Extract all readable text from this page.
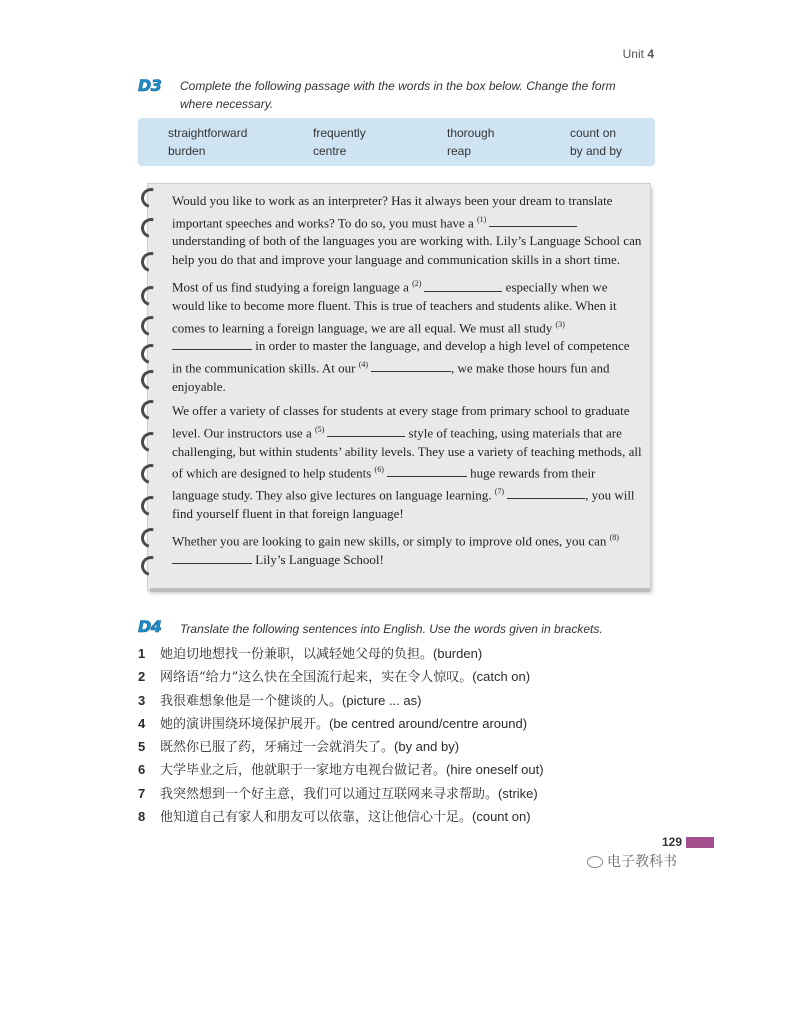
Unit 4
D3 Complete the following passage with the words in the box below. Change the form where necessary.
straightforward	frequently	thorough	count on
burden	centre	reap	by and by

Would you like to work as an interpreter? Has it always been your dream to translate important speeches and works? To do so, you must have a $^{(1)}$ understanding of both of the languages you are working with. Lily’s Language School can help you do that and improve your language and communication skills in a short time.

Most of us find studying a foreign language a $^{(2)}$	especially when we would like to become more fluent. This is true of teachers and students alike. When it comes to learning a foreign language, we are all equal. We must all study $^{(3)}$ in order to master the language, and develop a high level of competence in the communication skills. At our $^{(4)}$	, we make those hours fun and enjoyable.

We offer a variety of classes for students at every stage from primary school to graduate level. Our instructors use a $^{(5)}$	style of teaching, using materials that are challenging, but within students’ ability levels. They use a variety of teaching methods, all of which are designed to help students $^{(6)}$	huge rewards from their language study. They also give lectures on language learning. $^{(7)}$	, you will find yourself fluent in that foreign language!

Whether you are looking to gain new skills, or simply to improve old ones, you can $^{(8)}$ Lily’s Language School!

D4 Translate the following sentences into English. Use the words given in brackets.
1 她迫切地想找一份兼职，以减轻她父母的负担。(burden)
2 网络语“给力”这么快在全国流行起来，实在令人惊叹。(catch on)
3 我很难想象他是一个健谈的人。(picture ... as)
4 她的演讲围绕环境保护展开。(be centred around/centre around)
5 既然你已服了药，牙痛过一会就消失了。(by and by)
6 大学毕业之后，他就职于一家地方电视台做记者。(hire oneself out)
7 我突然想到一个好主意，我们可以通过互联网来寻求帮助。(strike)
8 他知道自己有家人和朋友可以依靠，这让他信心十足。(count on)
129
电子教科书
